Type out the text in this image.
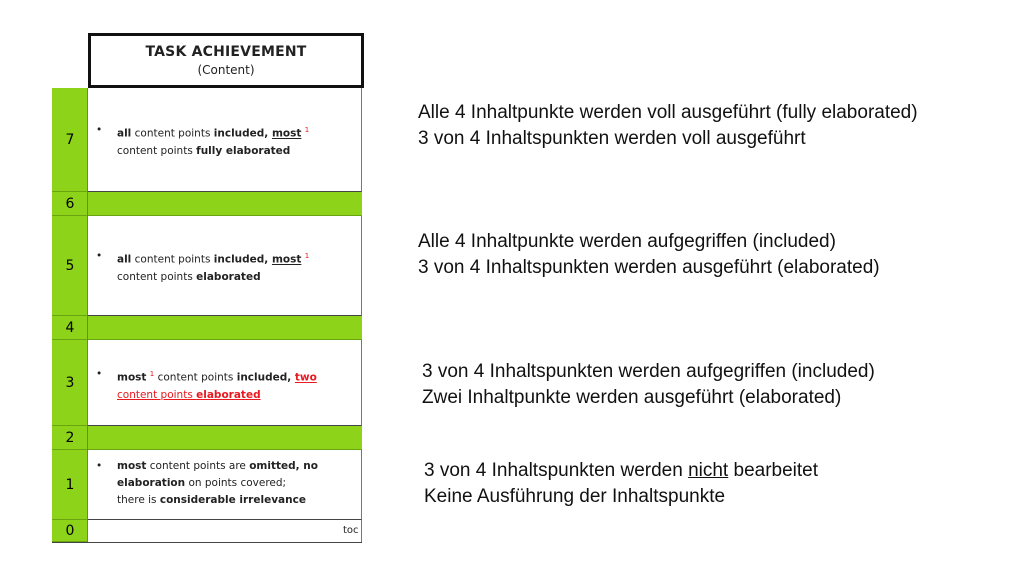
TASK ACHIEVEMENT
(Content)
7
6
5
4
3
2
1
0
• all content points included, most $^1$
content points fully elaborated
• all content points included, most $^1$
content points elaborated
• most $^1$ content points included, two
content points elaborated
• most content points are omitted, no
elaboration on points covered;
there is considerable irrelevance
toc
Alle 4 Inhaltpunkte werden voll ausgeführt (fully elaborated)
3 von 4 Inhaltspunkten werden voll ausgeführt
Alle 4 Inhaltpunkte werden aufgegriffen (included)
3 von 4 Inhaltspunkten werden ausgeführt (elaborated)
3 von 4 Inhaltspunkten werden aufgegriffen (included)
Zwei Inhaltpunkte werden ausgeführt (elaborated)
3 von 4 Inhaltspunkten werden nicht bearbeitet
Keine Ausführung der Inhaltspunkte
